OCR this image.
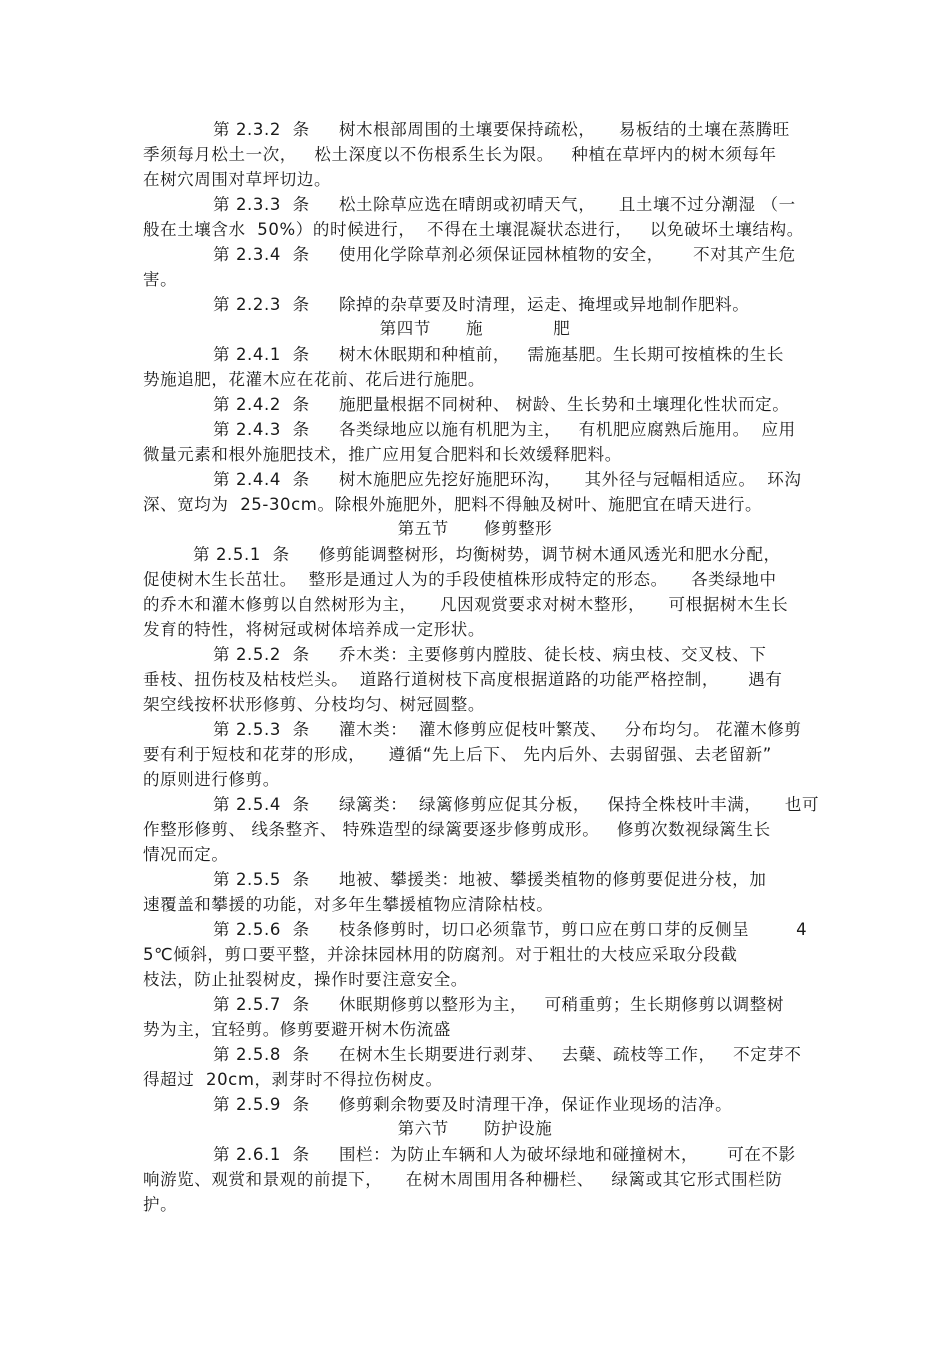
第 2.3.2  条     树木根部周围的土壤要保持疏松，    易板结的土壤在蒸腾旺
季须每月松土一次，   松土深度以不伤根系生长为限。   种植在草坪内的树木须每年
在树穴周围对草坪切边。
第 2.3.3  条     松土除草应选在晴朗或初晴天气，    且土壤不过分潮湿 （一
般在土壤含水  50%）的时候进行，  不得在土壤混凝状态进行，   以免破坏土壤结构。
第 2.3.4  条     使用化学除草剂必须保证园林植物的安全，     不对其产生危
害。
第 2.2.3  条     除掉的杂草要及时清理，运走、掩埋或异地制作肥料。
第四节      施            肥
第 2.4.1  条     树木休眠期和种植前，   需施基肥。生长期可按植株的生长
势施追肥，花灌木应在花前、花后进行施肥。
第 2.4.2  条     施肥量根据不同树种、 树龄、生长势和土壤理化性状而定。
第 2.4.3  条     各类绿地应以施有机肥为主，   有机肥应腐熟后施用。  应用
微量元素和根外施肥技术，推广应用复合肥料和长效缓释肥料。
第 2.4.4  条     树木施肥应先挖好施肥环沟，    其外径与冠幅相适应。  环沟
深、宽均为  25-30cm。除根外施肥外，肥料不得触及树叶、施肥宜在晴天进行。
第五节      修剪整形
第 2.5.1  条     修剪能调整树形，均衡树势，调节树木通风透光和肥水分配，
促使树木生长茁壮。  整形是通过人为的手段使植株形成特定的形态。    各类绿地中
的乔木和灌木修剪以自然树形为主，    凡因观赏要求对树木整形，    可根据树木生长
发育的特性，将树冠或树体培养成一定形状。
第 2.5.2  条     乔木类：主要修剪内膛肢、徒长枝、病虫枝、交叉枝、下
垂枝、扭伤枝及枯枝烂头。  道路行道树枝下高度根据道路的功能严格控制，     遇有
架空线按杯状形修剪、分枝均匀、树冠圆整。
第 2.5.3  条     灌木类：  灌木修剪应促枝叶繁茂、   分布均匀。 花灌木修剪
要有利于短枝和花芽的形成，    遵循“先上后下、 先内后外、去弱留强、去老留新”
的原则进行修剪。
第 2.5.4  条     绿篱类：  绿篱修剪应促其分板，   保持全株枝叶丰满，    也可
作整形修剪、 线条整齐、 特殊造型的绿篱要逐步修剪成形。   修剪次数视绿篱生长
情况而定。
第 2.5.5  条     地被、攀援类：地被、攀援类植物的修剪要促进分枝，加
速覆盖和攀援的功能，对多年生攀援植物应清除枯枝。
第 2.5.6  条     枝条修剪时，切口必须靠节，剪口应在剪口芽的反侧呈        4
5℃倾斜，剪口要平整，并涂抹园林用的防腐剂。对于粗壮的大枝应采取分段截
枝法，防止扯裂树皮，操作时要注意安全。
第 2.5.7  条     休眠期修剪以整形为主，   可稍重剪；生长期修剪以调整树
势为主，宜轻剪。修剪要避开树木伤流盛
第 2.5.8  条     在树木生长期要进行剥芽、   去蘖、疏枝等工作，   不定芽不
得超过  20cm，剥芽时不得拉伤树皮。
第 2.5.9  条     修剪剩余物要及时清理干净，保证作业现场的洁净。
第六节      防护设施
第 2.6.1  条     围栏：为防止车辆和人为破坏绿地和碰撞树木，     可在不影
响游览、观赏和景观的前提下，    在树木周围用各种栅栏、   绿篱或其它形式围栏防
护。
